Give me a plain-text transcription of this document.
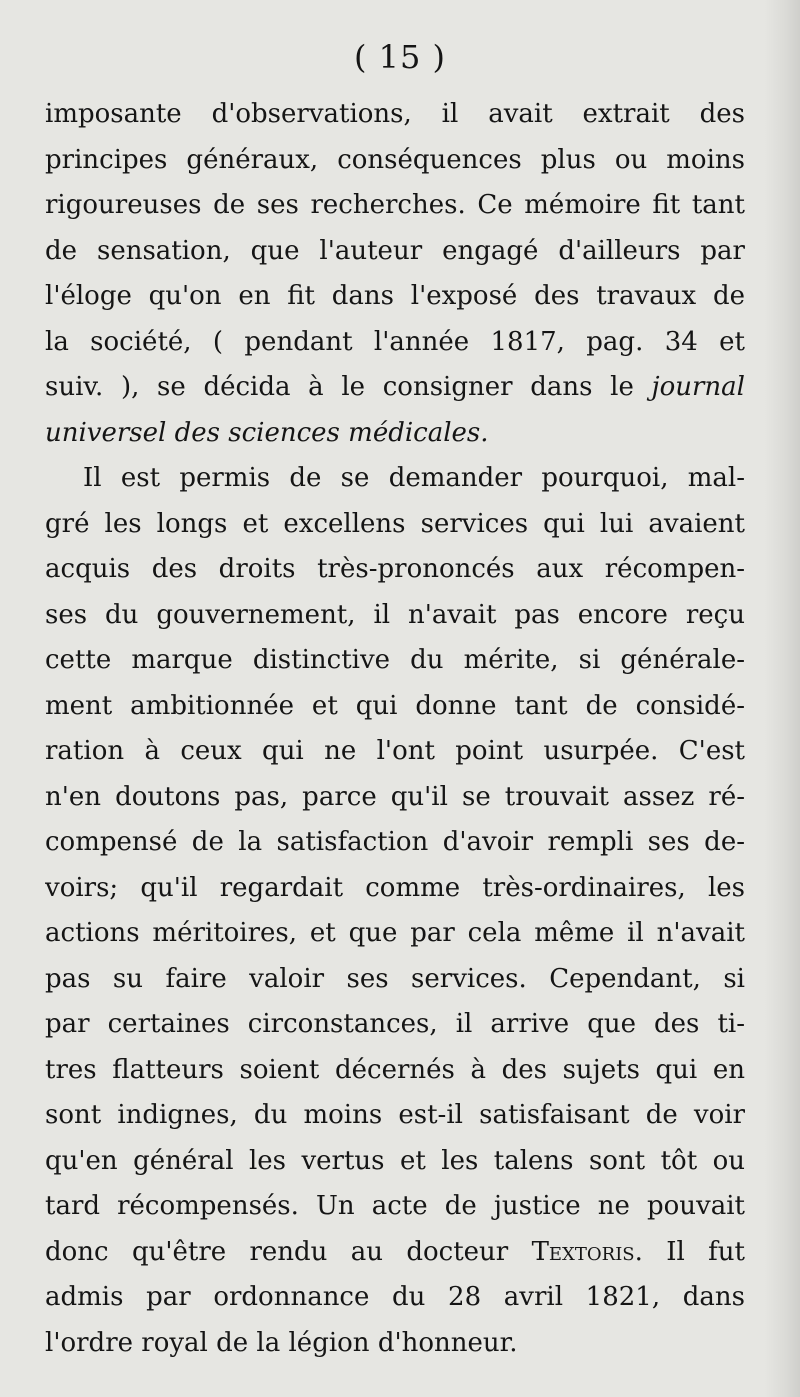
( 15 )
imposante d'observations, il avait extrait des
principes généraux, conséquences plus ou moins
rigoureuses de ses recherches. Ce mémoire fit tant
de sensation, que l'auteur engagé d'ailleurs par
l'éloge qu'on en fit dans l'exposé des travaux de
la société, ( pendant l'année 1817, pag. 34 et
suiv. ), se décida à le consigner dans le journal
universel des sciences médicales.
Il est permis de se demander pourquoi, mal-
gré les longs et excellens services qui lui avaient
acquis des droits très-prononcés aux récompen-
ses du gouvernement, il n'avait pas encore reçu
cette marque distinctive du mérite, si générale-
ment ambitionnée et qui donne tant de considé-
ration à ceux qui ne l'ont point usurpée. C'est
n'en doutons pas, parce qu'il se trouvait assez ré-
compensé de la satisfaction d'avoir rempli ses de-
voirs; qu'il regardait comme très-ordinaires, les
actions méritoires, et que par cela même il n'avait
pas su faire valoir ses services. Cependant, si
par certaines circonstances, il arrive que des ti-
tres flatteurs soient décernés à des sujets qui en
sont indignes, du moins est-il satisfaisant de voir
qu'en général les vertus et les talens sont tôt ou
tard récompensés. Un acte de justice ne pouvait
donc qu'être rendu au docteur Textoris. Il fut
admis par ordonnance du 28 avril 1821, dans
l'ordre royal de la légion d'honneur.
